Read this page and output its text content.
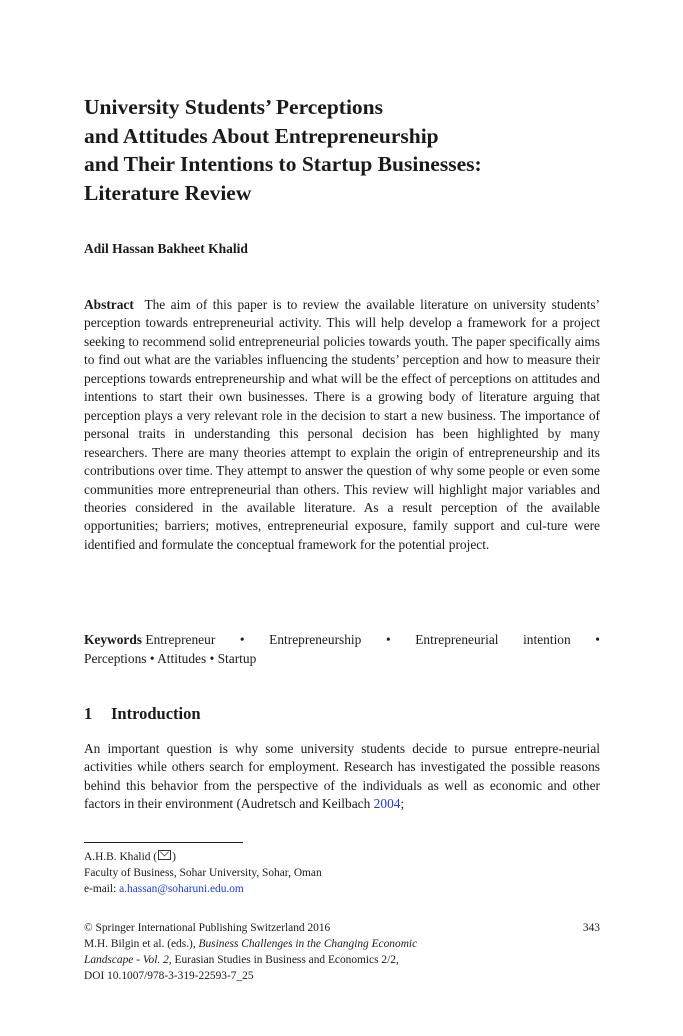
University Students’ Perceptions
and Attitudes About Entrepreneurship
and Their Intentions to Startup Businesses:
Literature Review

Adil Hassan Bakheet Khalid

Abstract The aim of this paper is to review the available literature on university students’ perception towards entrepreneurial activity. This will help develop a framework for a project seeking to recommend solid entrepreneurial policies towards youth. The paper specifically aims to find out what are the variables influencing the students’ perception and how to measure their perceptions towards entrepreneurship and what will be the effect of perceptions on attitudes and intentions to start their own businesses. There is a growing body of literature arguing that perception plays a very relevant role in the decision to start a new business. The importance of personal traits in understanding this personal decision has been highlighted by many researchers. There are many theories attempt to explain the origin of entrepreneurship and its contributions over time. They attempt to answer the question of why some people or even some communities more entrepreneurial than others. This review will highlight major variables and theories considered in the available literature. As a result perception of the available opportunities; barriers; motives, entrepreneurial exposure, family support and cul-ture were identified and formulate the conceptual framework for the potential project.

Keywords Entrepreneur • Entrepreneurship • Entrepreneurial intention •
Perceptions • Attitudes • Startup
1 Introduction

An important question is why some university students decide to pursue entrepre-neurial activities while others search for employment. Research has investigated the possible reasons behind this behavior from the perspective of the individuals as well as economic and other factors in their environment (Audretsch and Keilbach 2004;

A.H.B. Khalid ( )
Faculty of Business, Sohar University, Sohar, Oman
e-mail: a.hassan@soharuni.edu.om
© Springer International Publishing Switzerland 2016
M.H. Bilgin et al. (eds.), Business Challenges in the Changing Economic
Landscape - Vol. 2, Eurasian Studies in Business and Economics 2/2,
DOI 10.1007/978-3-319-22593-7_25
343
